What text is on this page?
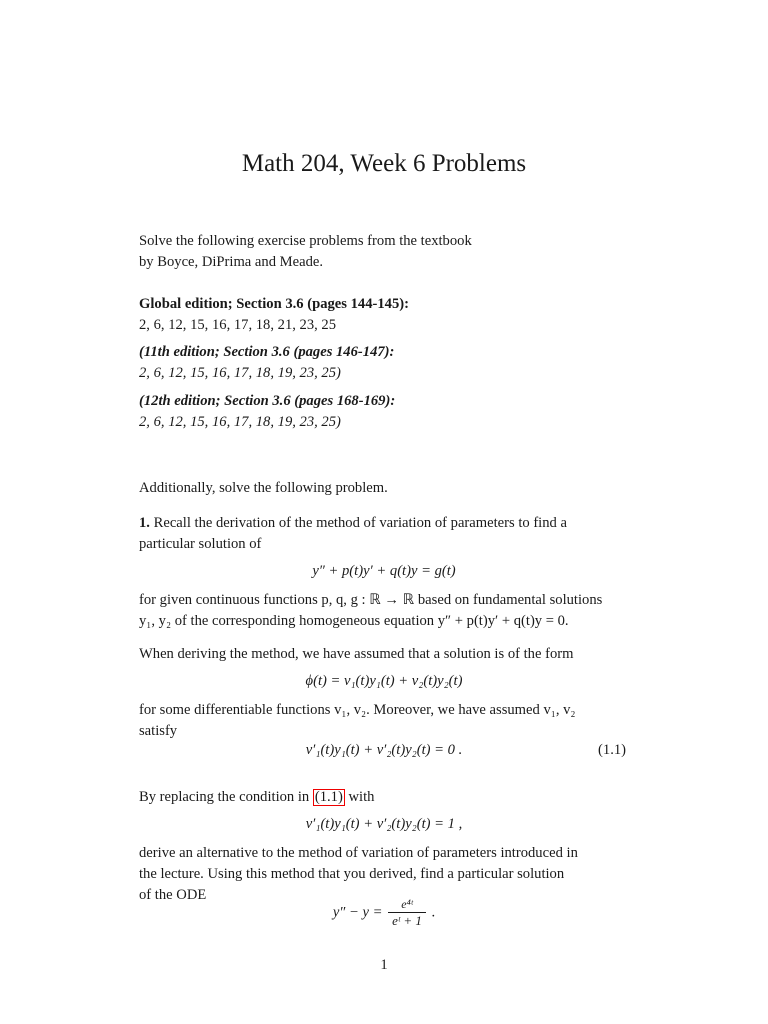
Math 204, Week 6 Problems
Solve the following exercise problems from the textbook
by Boyce, DiPrima and Meade.
Global edition; Section 3.6 (pages 144-145):
2, 6, 12, 15, 16, 17, 18, 21, 23, 25
(11th edition; Section 3.6 (pages 146-147):
2, 6, 12, 15, 16, 17, 18, 19, 23, 25)
(12th edition; Section 3.6 (pages 168-169):
2, 6, 12, 15, 16, 17, 18, 19, 23, 25)
Additionally, solve the following problem.
1. Recall the derivation of the method of variation of parameters to find a
particular solution of
y″ + p(t)y′ + q(t)y = g(t)
for given continuous functions p, q, g : ℝ → ℝ based on fundamental solutions
y₁, y₂ of the corresponding homogeneous equation y″ + p(t)y′ + q(t)y = 0.
When deriving the method, we have assumed that a solution is of the form
ϕ(t) = v₁(t)y₁(t) + v₂(t)y₂(t)
for some differentiable functions v₁, v₂. Moreover, we have assumed v₁, v₂
satisfy
v′₁(t)y₁(t) + v′₂(t)y₂(t) = 0 .	(1.1)
By replacing the condition in (1.1) with
v′₁(t)y₁(t) + v′₂(t)y₂(t) = 1 ,
derive an alternative to the method of variation of parameters introduced in
the lecture. Using this method that you derived, find a particular solution
of the ODE
$y'' - y = \frac{\text{e⁴ᵗ}}{\text{eᵗ + 1}}$ .
1
